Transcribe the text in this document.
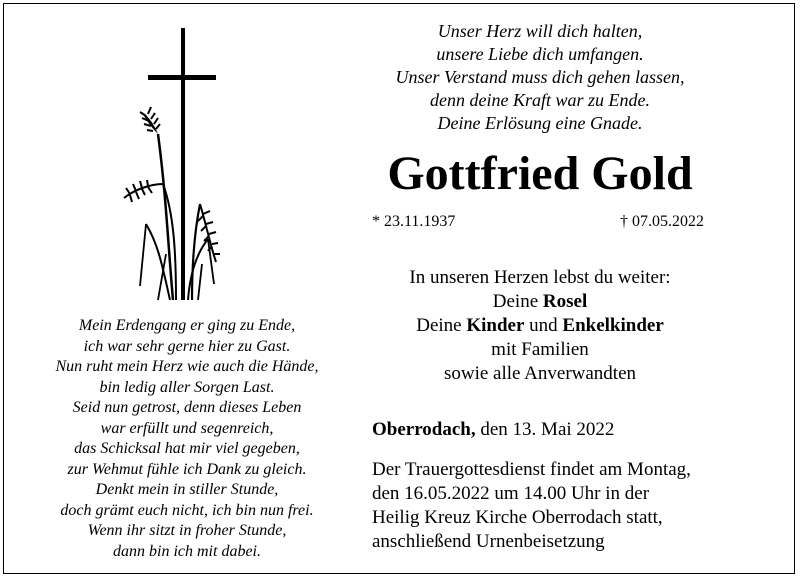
Mein Erdengang er ging zu Ende,
ich war sehr gerne hier zu Gast.
Nun ruht mein Herz wie auch die Hände,
bin ledig aller Sorgen Last.
Seid nun getrost, denn dieses Leben
war erfüllt und segenreich,
das Schicksal hat mir viel gegeben,
zur Wehmut fühle ich Dank zu gleich.
Denkt mein in stiller Stunde,
doch grämt euch nicht, ich bin nun frei.
Wenn ihr sitzt in froher Stunde,
dann bin ich mit dabei.
Unser Herz will dich halten,
unsere Liebe dich umfangen.
Unser Verstand muss dich gehen lassen,
denn deine Kraft war zu Ende.
Deine Erlösung eine Gnade.
Gottfried Gold
* 23.11.1937	† 07.05.2022
In unseren Herzen lebst du weiter:
Deine Rosel
Deine Kinder und Enkelkinder
mit Familien
sowie alle Anverwandten
Oberrodach, den 13. Mai 2022
Der Trauergottesdienst findet am Montag,
den 16.05.2022 um 14.00 Uhr in der
Heilig Kreuz Kirche Oberrodach statt,
anschließend Urnenbeisetzung
